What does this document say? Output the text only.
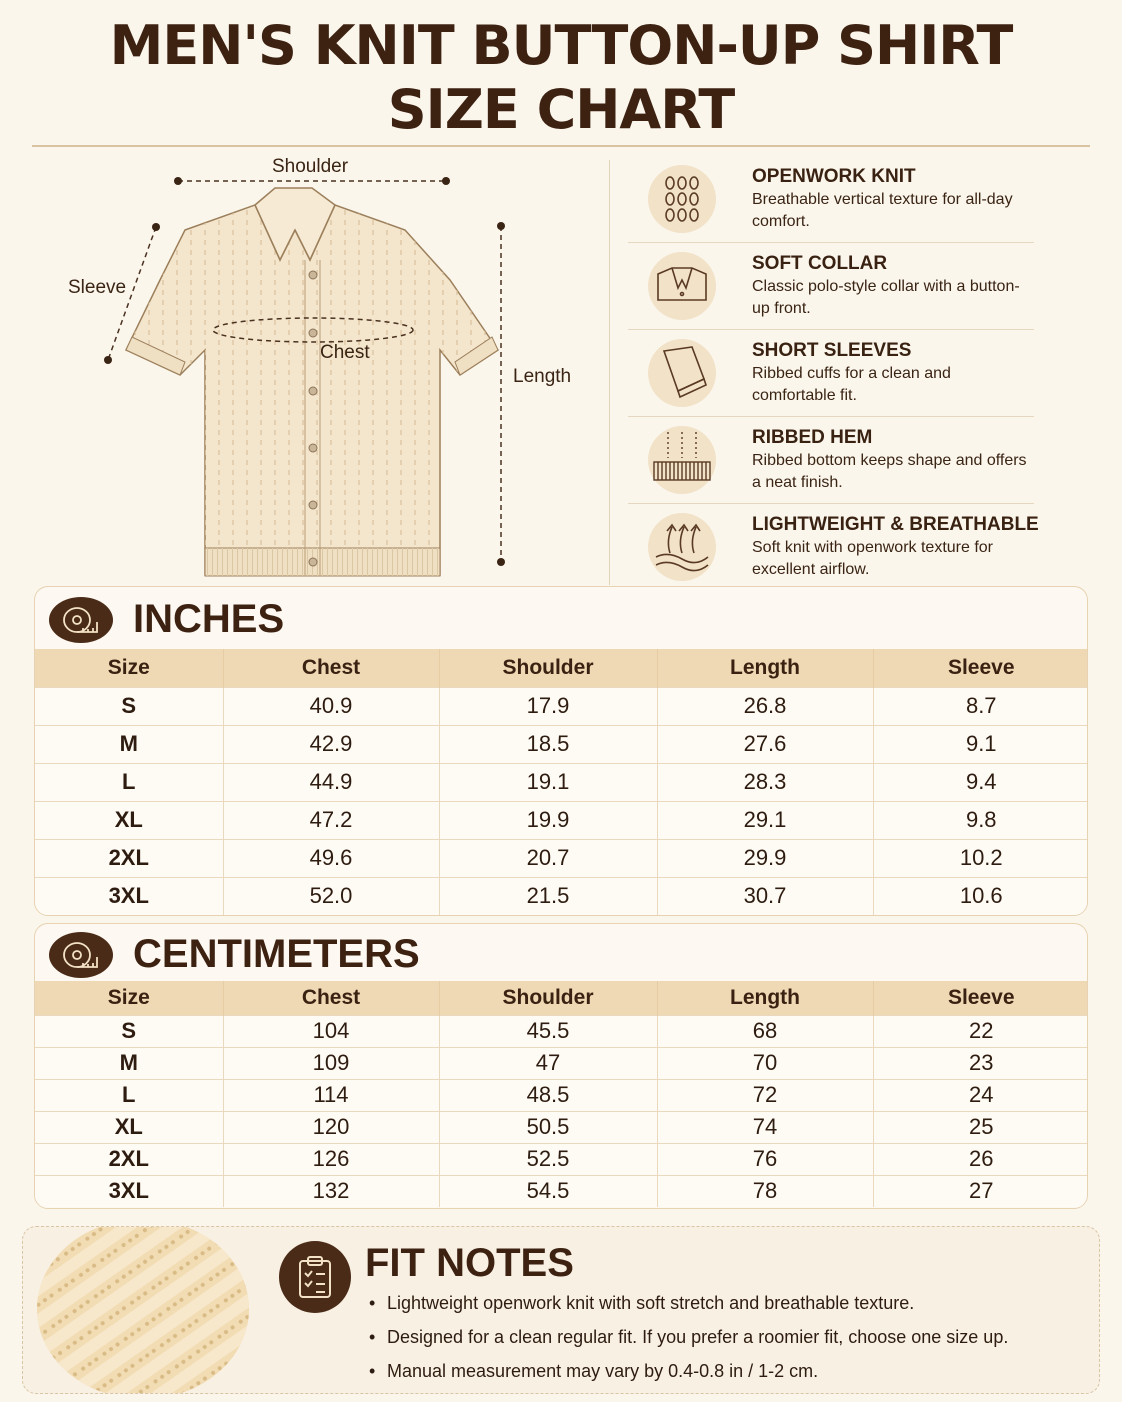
MEN'S KNIT BUTTON-UP SHIRT
SIZE CHART
Shoulder
Sleeve
Chest
Length
OPENWORK KNIT
Breathable vertical texture for all-day comfort.
SOFT COLLAR
Classic polo-style collar with a button-up front.
SHORT SLEEVES
Ribbed cuffs for a clean and comfortable fit.
RIBBED HEM
Ribbed bottom keeps shape and offers a neat finish.
LIGHTWEIGHT & BREATHABLE
Soft knit with openwork texture for excellent airflow.
INCHES
Size	Chest	Shoulder	Length	Sleeve
S	40.9	17.9	26.8	8.7
M	42.9	18.5	27.6	9.1
L	44.9	19.1	28.3	9.4
XL	47.2	19.9	29.1	9.8
2XL	49.6	20.7	29.9	10.2
3XL	52.0	21.5	30.7	10.6
CENTIMETERS
Size	Chest	Shoulder	Length	Sleeve
S	104	45.5	68	22
M	109	47	70	23
L	114	48.5	72	24
XL	120	50.5	74	25
2XL	126	52.5	76	26
3XL	132	54.5	78	27
FIT NOTES
• Lightweight openwork knit with soft stretch and breathable texture.
• Designed for a clean regular fit. If you prefer a roomier fit, choose one size up.
• Manual measurement may vary by 0.4-0.8 in / 1-2 cm.
